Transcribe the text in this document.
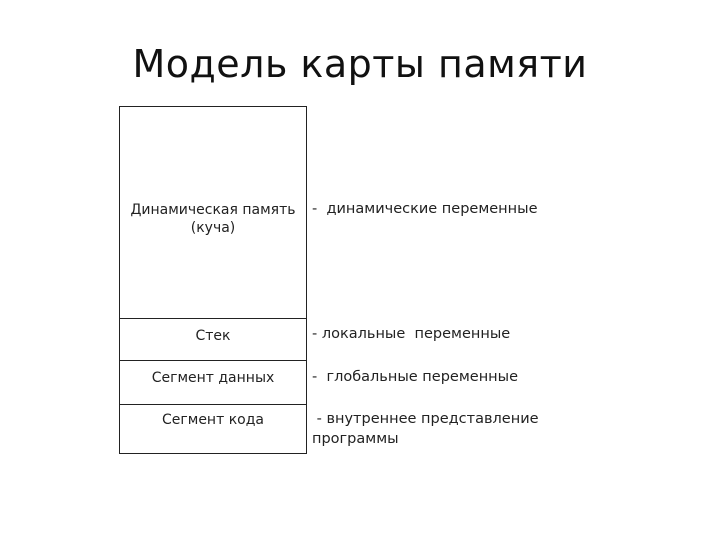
Модель карты памяти
Динамическая память
(куча)
Стек
Сегмент данных
Сегмент кода
-  динамические переменные
- локальные  переменные
-  глобальные переменные
- внутреннее представление
программы
